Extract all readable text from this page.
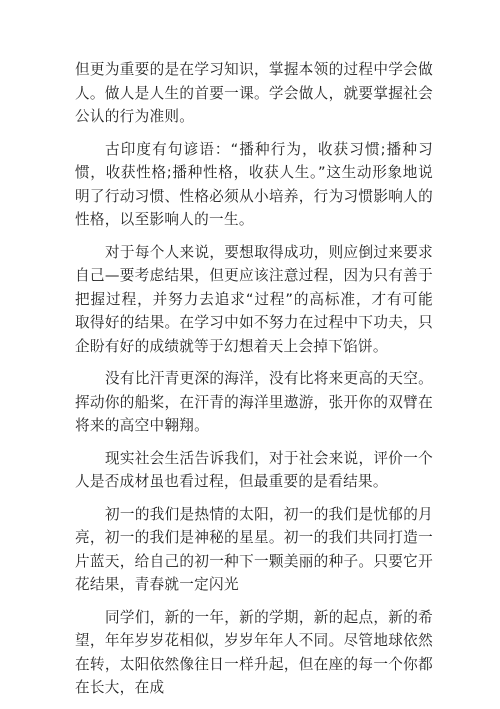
但更为重要的是在学习知识，掌握本领的过程中学会做人。做人是人生的首要一课。学会做人，就要掌握社会公认的行为准则。

古印度有句谚语：“播种行为，收获习惯;播种习惯，收获性格;播种性格，收获人生。”这生动形象地说明了行动习惯、性格必须从小培养，行为习惯影响人的性格，以至影响人的一生。

对于每个人来说，要想取得成功，则应倒过来要求自己—要考虑结果，但更应该注意过程，因为只有善于把握过程，并努力去追求“过程”的高标准，才有可能取得好的结果。在学习中如不努力在过程中下功夫，只企盼有好的成绩就等于幻想着天上会掉下馅饼。

没有比汗青更深的海洋，没有比将来更高的天空。挥动你的船桨，在汗青的海洋里遨游，张开你的双臂在将来的高空中翱翔。

现实社会生活告诉我们，对于社会来说，评价一个人是否成材虽也看过程，但最重要的是看结果。

初一的我们是热情的太阳，初一的我们是忧郁的月亮，初一的我们是神秘的星星。初一的我们共同打造一片蓝天，给自己的初一种下一颗美丽的种子。只要它开花结果，青春就一定闪光

同学们，新的一年，新的学期，新的起点，新的希望，年年岁岁花相似，岁岁年年人不同。尽管地球依然在转，太阳依然像往日一样升起，但在座的每一个你都在长大，在成
